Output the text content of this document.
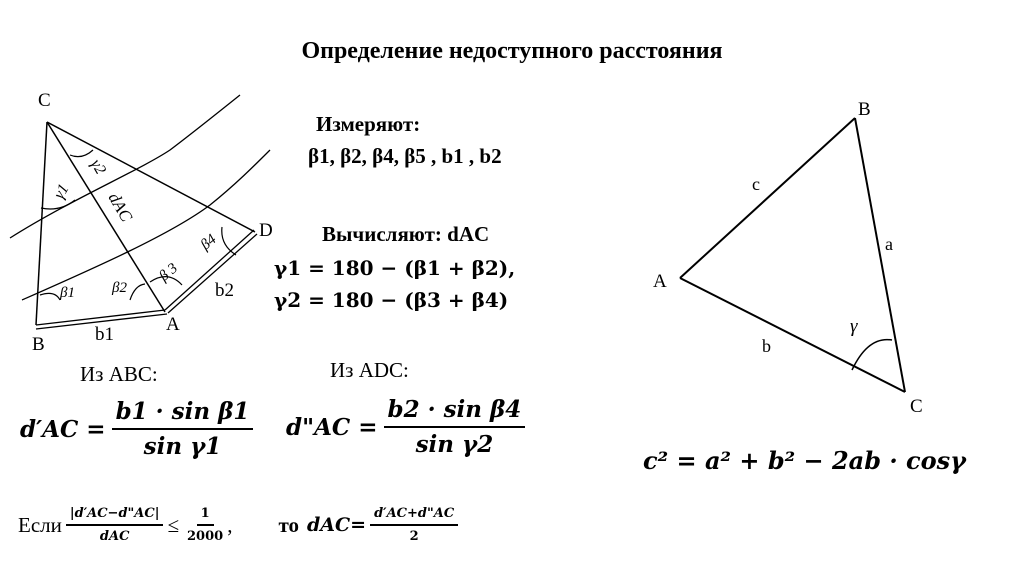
Определение недоступного расстояния
C
D
A
B
γ1
γ2
dAC
β1 β2
β 3
β4
b1
b2	A
B
C
a
b
c
γ
Измеряют:
β1, β2, β4, β5 , b1 , b2
Вычисляют: dAC
γ1 = 180 − (β1 + β2),
γ2 = 180 − (β3 + β4)
Из ABC:
$d'AC = \frac{\text{b1 · sin β1}}{\text{sin γ1}}$
Из ADC:
d"AC = $\frac{\text{b2 · sin β4}}{\text{sin γ2}}$
Если $\frac{|d'AC-d"AC|}{\text{dAC}} \le \frac{1}{2000}$ , то $dAC= \frac{d'AC+d"AC}{2}$
c² = a² + b² − 2ab · cosγ
